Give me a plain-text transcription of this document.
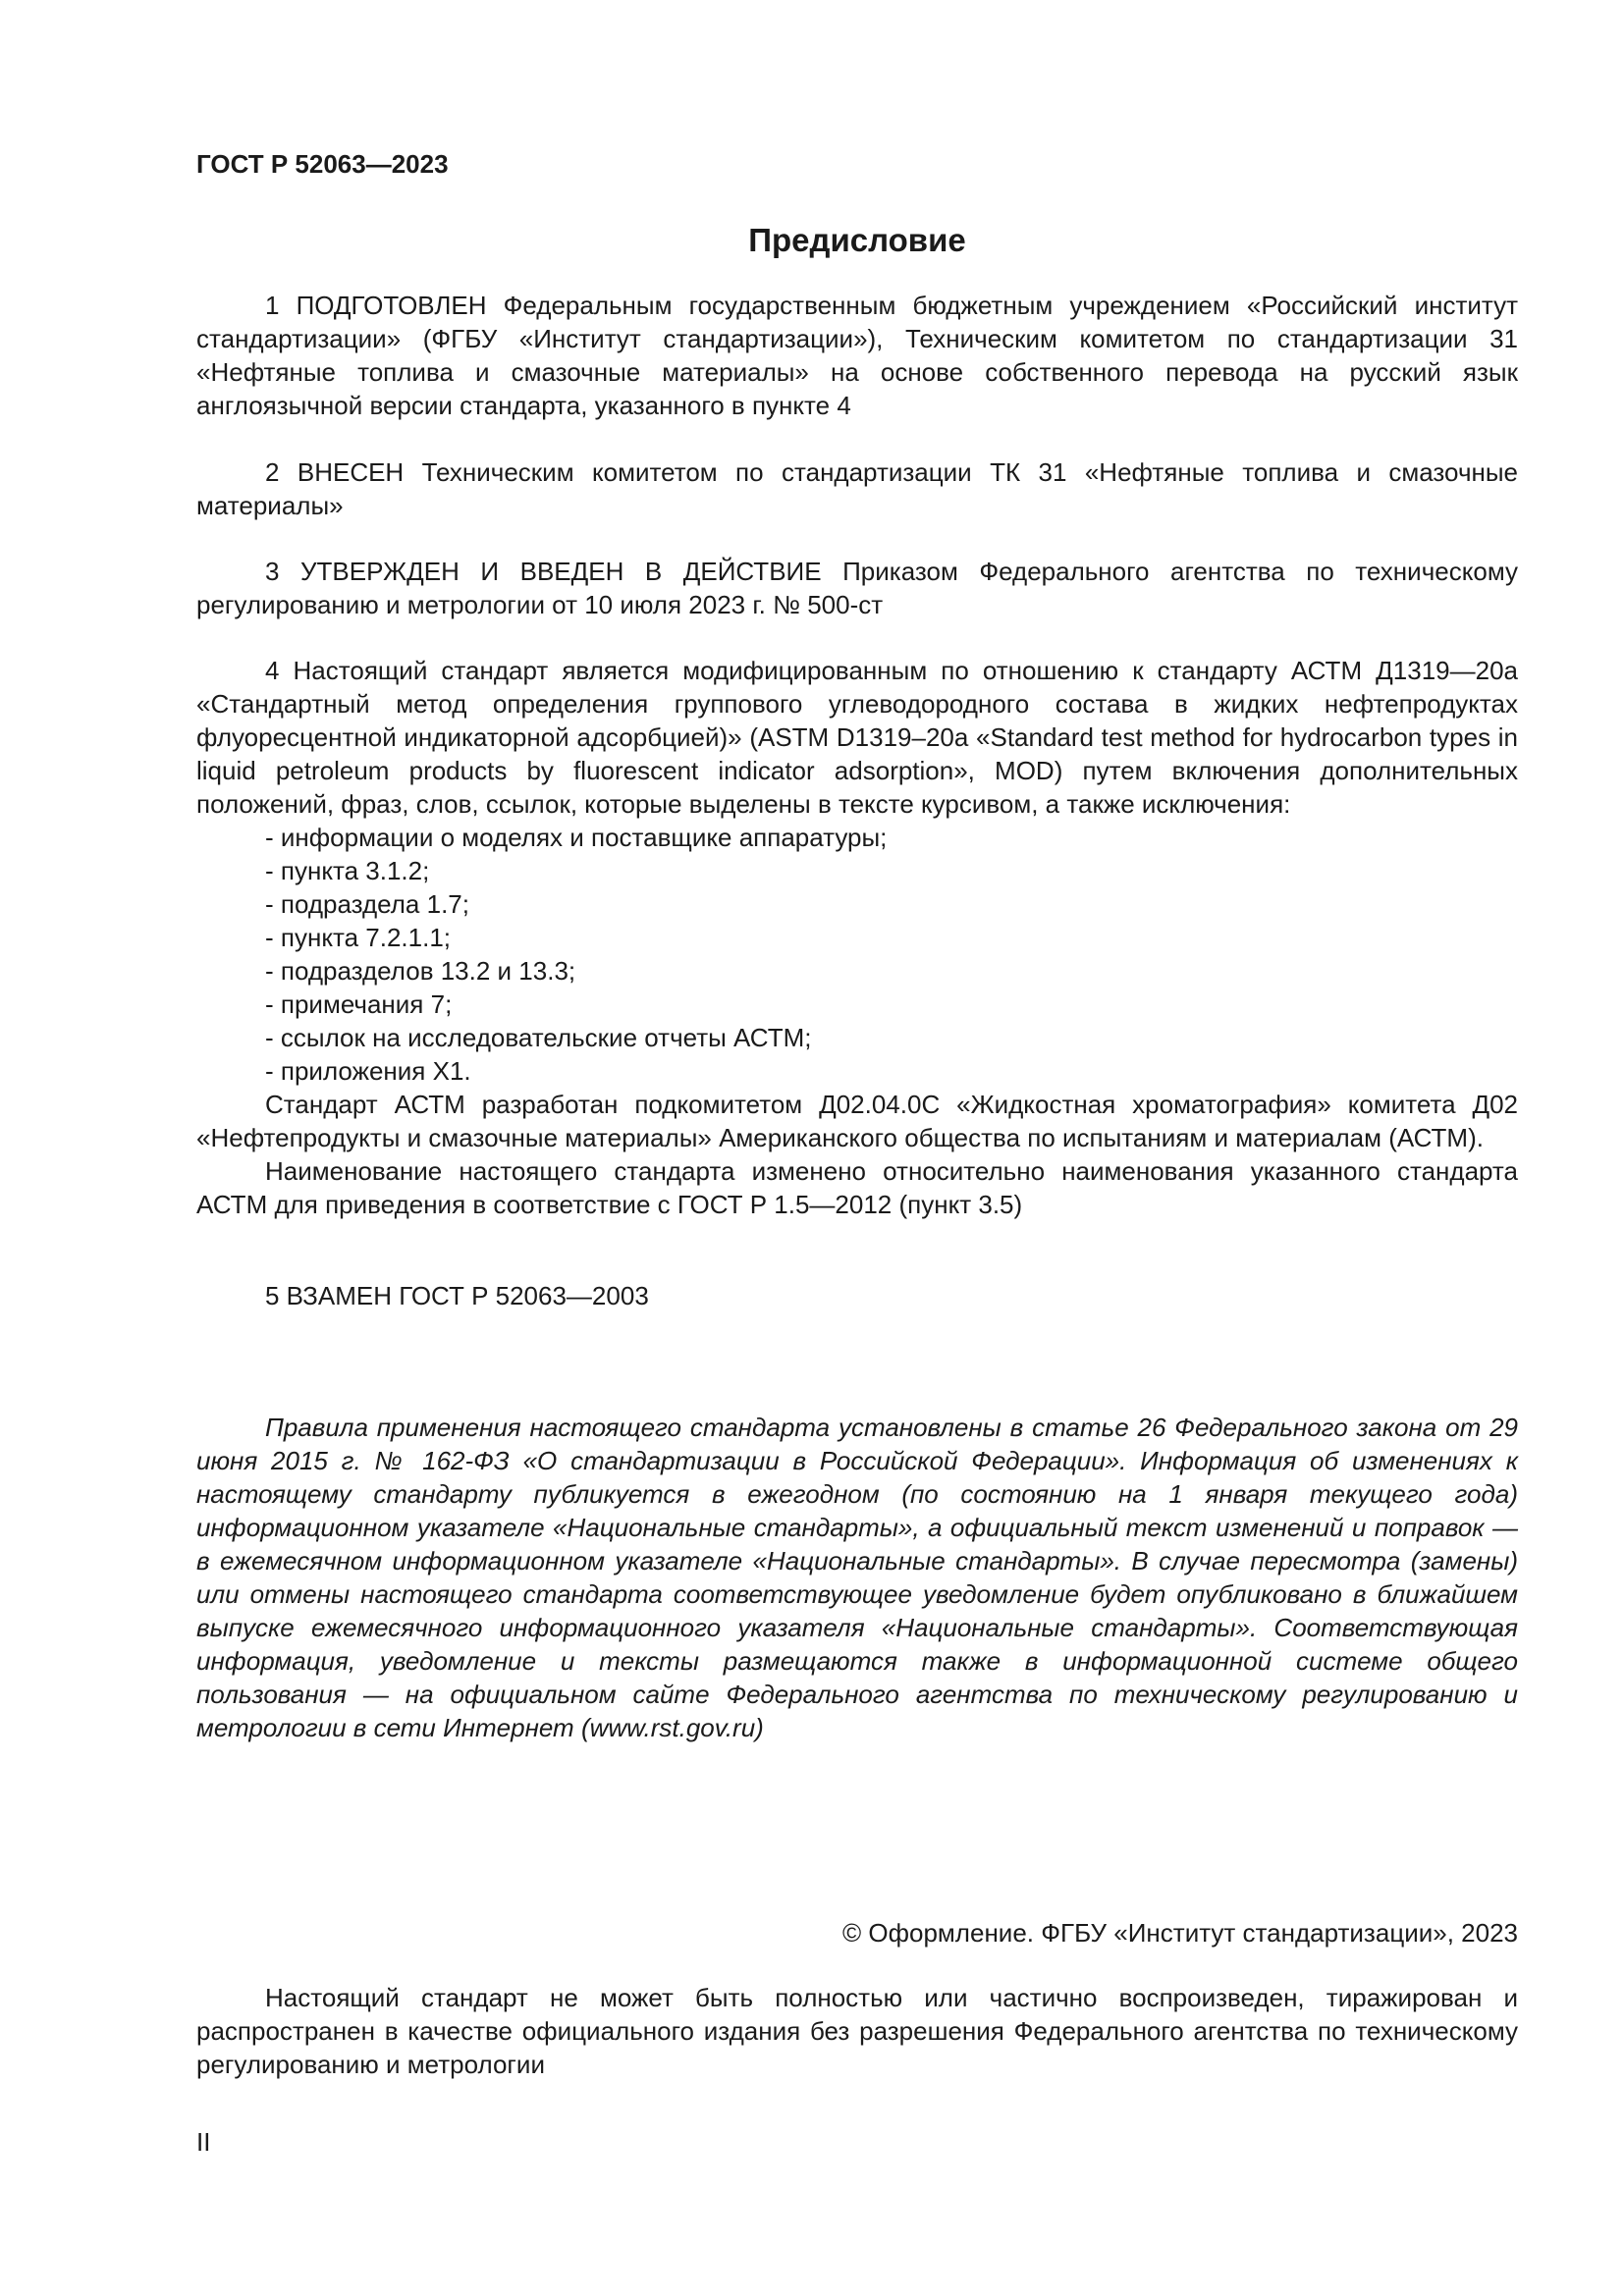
ГОСТ Р 52063—2023
Предисловие

1 ПОДГОТОВЛЕН Федеральным государственным бюджетным учреждением «Российский институт стандартизации» (ФГБУ «Институт стандартизации»), Техническим комитетом по стандартизации 31 «Нефтяные топлива и смазочные материалы» на основе собственного перевода на русский язык англоязычной версии стандарта, указанного в пункте 4

2 ВНЕСЕН Техническим комитетом по стандартизации ТК 31 «Нефтяные топлива и смазочные материалы»

3 УТВЕРЖДЕН И ВВЕДЕН В ДЕЙСТВИЕ Приказом Федерального агентства по техническому регулированию и метрологии от 10 июля 2023 г. № 500-ст

4 Настоящий стандарт является модифицированным по отношению к стандарту АСТМ Д1319—20а «Стандартный метод определения группового углеводородного состава в жидких нефтепродуктах флуоресцентной индикаторной адсорбцией)» (ASTM D1319–20a «Standard test method for hydrocarbon types in liquid petroleum products by fluorescent indicator adsorption», MOD) путем включения дополнительных положений, фраз, слов, ссылок, которые выделены в тексте курсивом, а также исключения:

- информации о моделях и поставщике аппаратуры;
- пункта 3.1.2;
- подраздела 1.7;
- пункта 7.2.1.1;
- подразделов 13.2 и 13.3;
- примечания 7;
- ссылок на исследовательские отчеты АСТМ;
- приложения Х1.

Стандарт АСТМ разработан подкомитетом Д02.04.0С «Жидкостная хроматография» комитета Д02 «Нефтепродукты и смазочные материалы» Американского общества по испытаниям и материалам (АСТМ).

Наименование настоящего стандарта изменено относительно наименования указанного стандарта АСТМ для приведения в соответствие с ГОСТ Р 1.5—2012 (пункт 3.5)

5 ВЗАМЕН ГОСТ Р 52063—2003

Правила применения настоящего стандарта установлены в статье 26 Федерального закона от 29 июня 2015 г. № 162-ФЗ «О стандартизации в Российской Федерации». Информация об изменениях к настоящему стандарту публикуется в ежегодном (по состоянию на 1 января текущего года) информационном указателе «Национальные стандарты», а официальный текст изменений и поправок — в ежемесячном информационном указателе «Национальные стандарты». В случае пересмотра (замены) или отмены настоящего стандарта соответствующее уведомление будет опубликовано в ближайшем выпуске ежемесячного информационного указателя «Национальные стандарты». Соответствующая информация, уведомление и тексты размещаются также в информационной системе общего пользования — на официальном сайте Федерального агентства по техническому регулированию и метрологии в сети Интернет (www.rst.gov.ru)

© Оформление. ФГБУ «Институт стандартизации», 2023

Настоящий стандарт не может быть полностью или частично воспроизведен, тиражирован и распространен в качестве официального издания без разрешения Федерального агентства по техническому регулированию и метрологии

II
